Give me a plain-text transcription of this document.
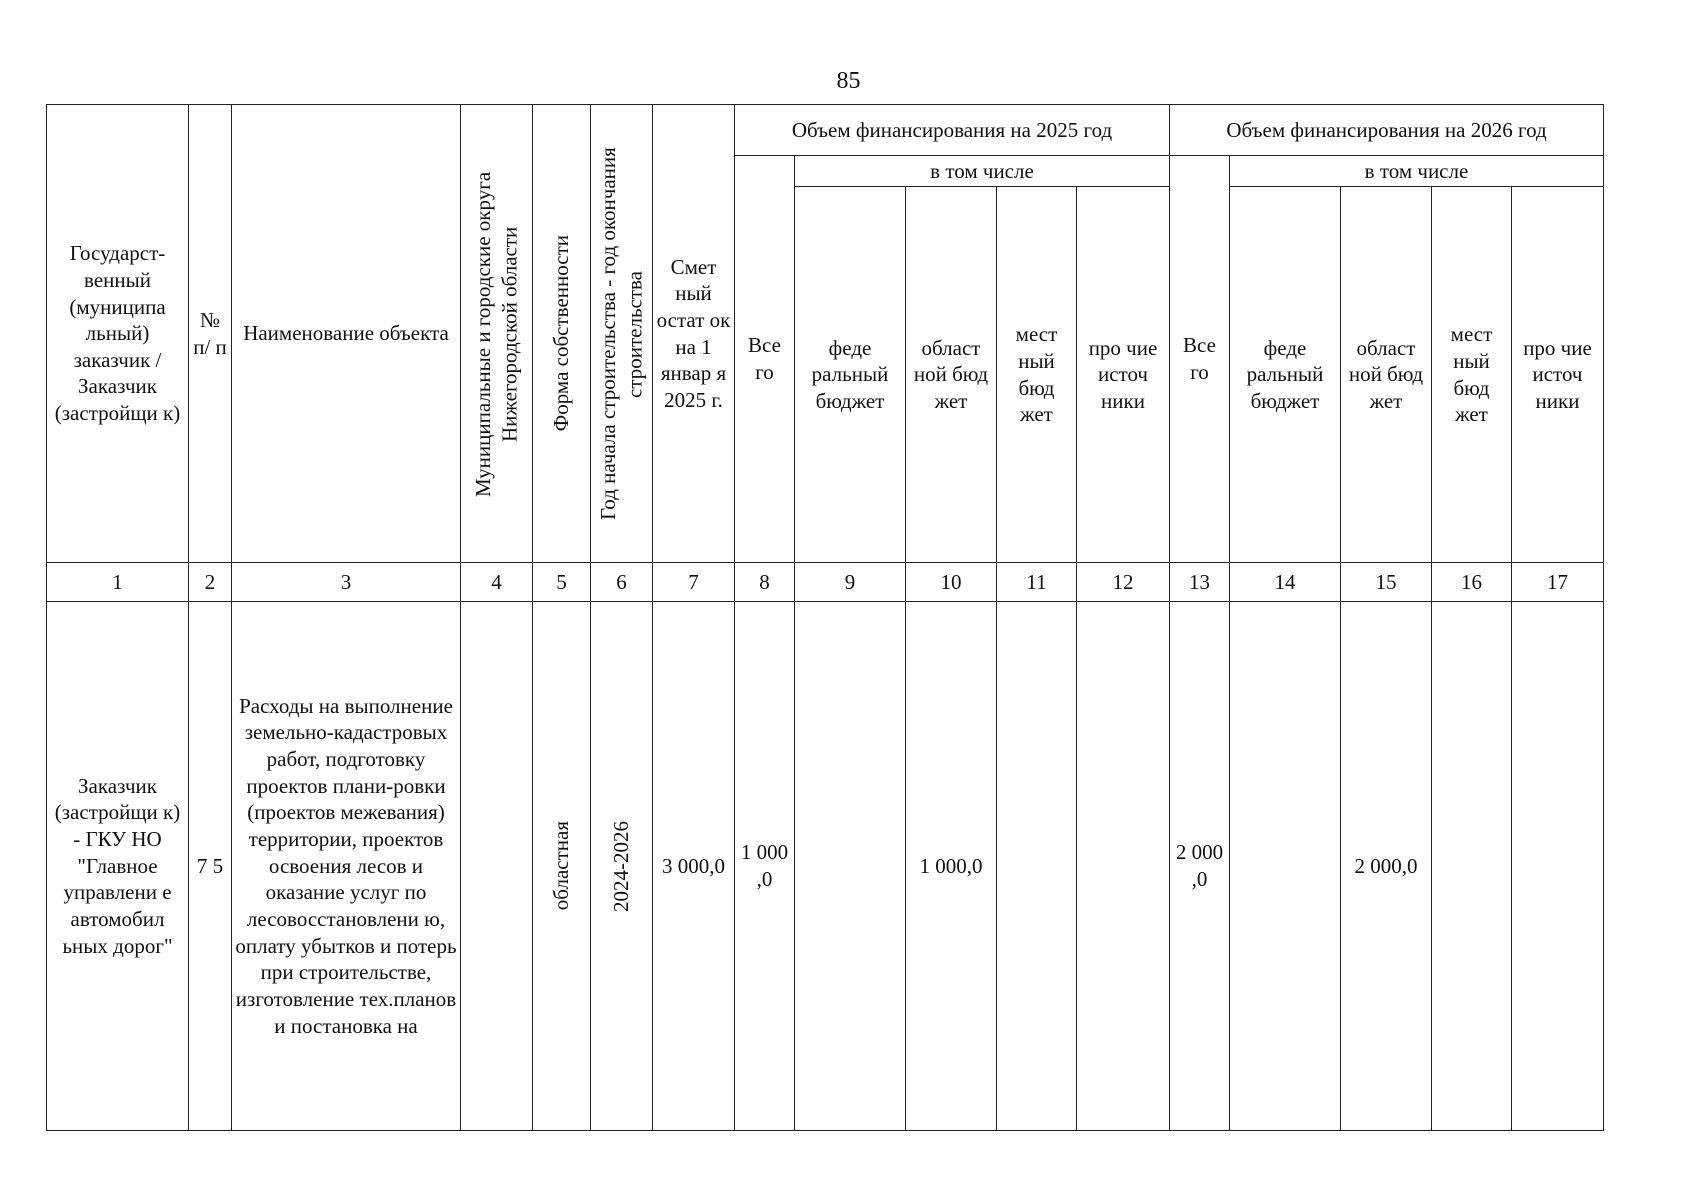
85
Государст-венный (муниципа льный) заказчик / Заказчик (застройщи к)	№ п/ п	Наименование объекта	Муниципальные и городские округа Нижегородской области	Форма собственности	Год начала строительства - год окончания строительства	Смет ный остат ок на 1 январ я 2025 г.	Объем финансирования на 2025 год					Объем финансирования на 2026 год				
							Все го	в том числе				Все го	в том числе			
								феде ральный бюджет	област ной бюд жет	мест ный бюд жет	про чие источ ники		феде ральный бюджет	област ной бюд жет	мест ный бюд жет	про чие источ ники
1	2	3	4	5	6	7	8	9	10	11	12	13	14	15	16	17
Заказчик (застройщи к) - ГКУ НО "Главное управлени е автомобил ьных дорог"	7 5	Расходы на выполнение земельно-кадастровых работ, подготовку проектов плани-ровки (проектов межевания) территории, проектов освоения лесов и оказание услуг по лесовосстановлени ю, оплату убытков и потерь при строительстве, изготовление тех.планов и постановка на		областная	2024-2026	3 000,0	1 000 ,0		1 000,0			2 000 ,0		2 000,0		
